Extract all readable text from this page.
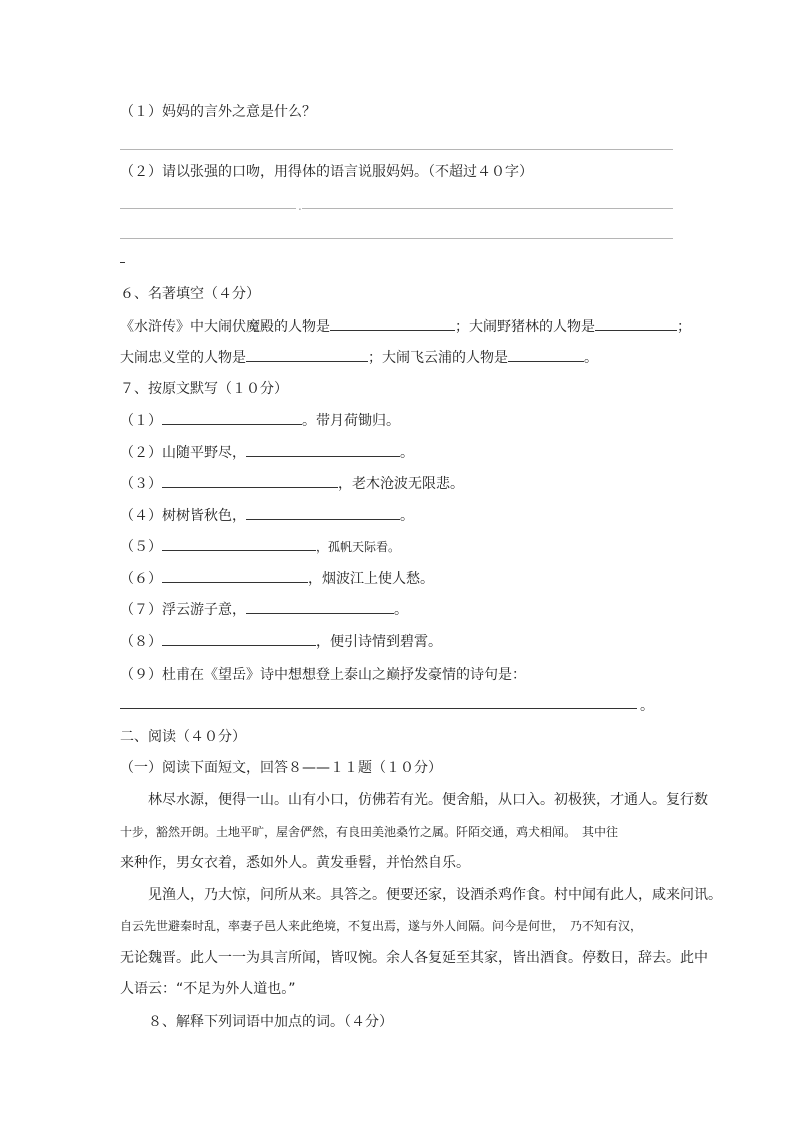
（１）妈妈的言外之意是什么？
（２）请以张强的口吻，用得体的语言说服妈妈。（不超过４０字）
.
６、名著填空（４分）
《水浒传》中大闹伏魔殿的人物是	；大闹野猪林的人物是	；
大闹忠义堂的人物是	；大闹飞云浦的人物是	。
７、按原文默写（１０分）
（１）	。带月荷锄归。
（２）山随平野尽，	。
（３）	，老木沧波无限悲。
（４）树树皆秋色，	。
（５）	，孤帆天际看。
（６）	，烟波江上使人愁。
（７）浮云游子意，	。
（８）	，便引诗情到碧霄。
（９）杜甫在《望岳》诗中想想登上泰山之巅抒发豪情的诗句是：
。
二、阅读（４０分）
（一）阅读下面短文，回答８——１１题（１０分）
林尽水源，便得一山。山有小口，仿佛若有光。便舍船，从口入。初极狭，才通人。复行数
十步，豁然开朗。土地平旷，屋舍俨然，有良田美池桑竹之属。阡陌交通，鸡犬相闻。　其中往
来种作，男女衣着，悉如外人。黄发垂髫，并怡然自乐。
见渔人，乃大惊，问所从来。具答之。便要还家，设酒杀鸡作食。村中闻有此人，咸来问讯。
自云先世避秦时乱，率妻子邑人来此绝境，不复出焉，遂与外人间隔。问今是何世，　乃不知有汉，
无论魏晋。此人一一为具言所闻，皆叹惋。余人各复延至其家，皆出酒食。停数日，辞去。此中
人语云：“不足为外人道也。”
８、解释下列词语中加点的词。（４分）
